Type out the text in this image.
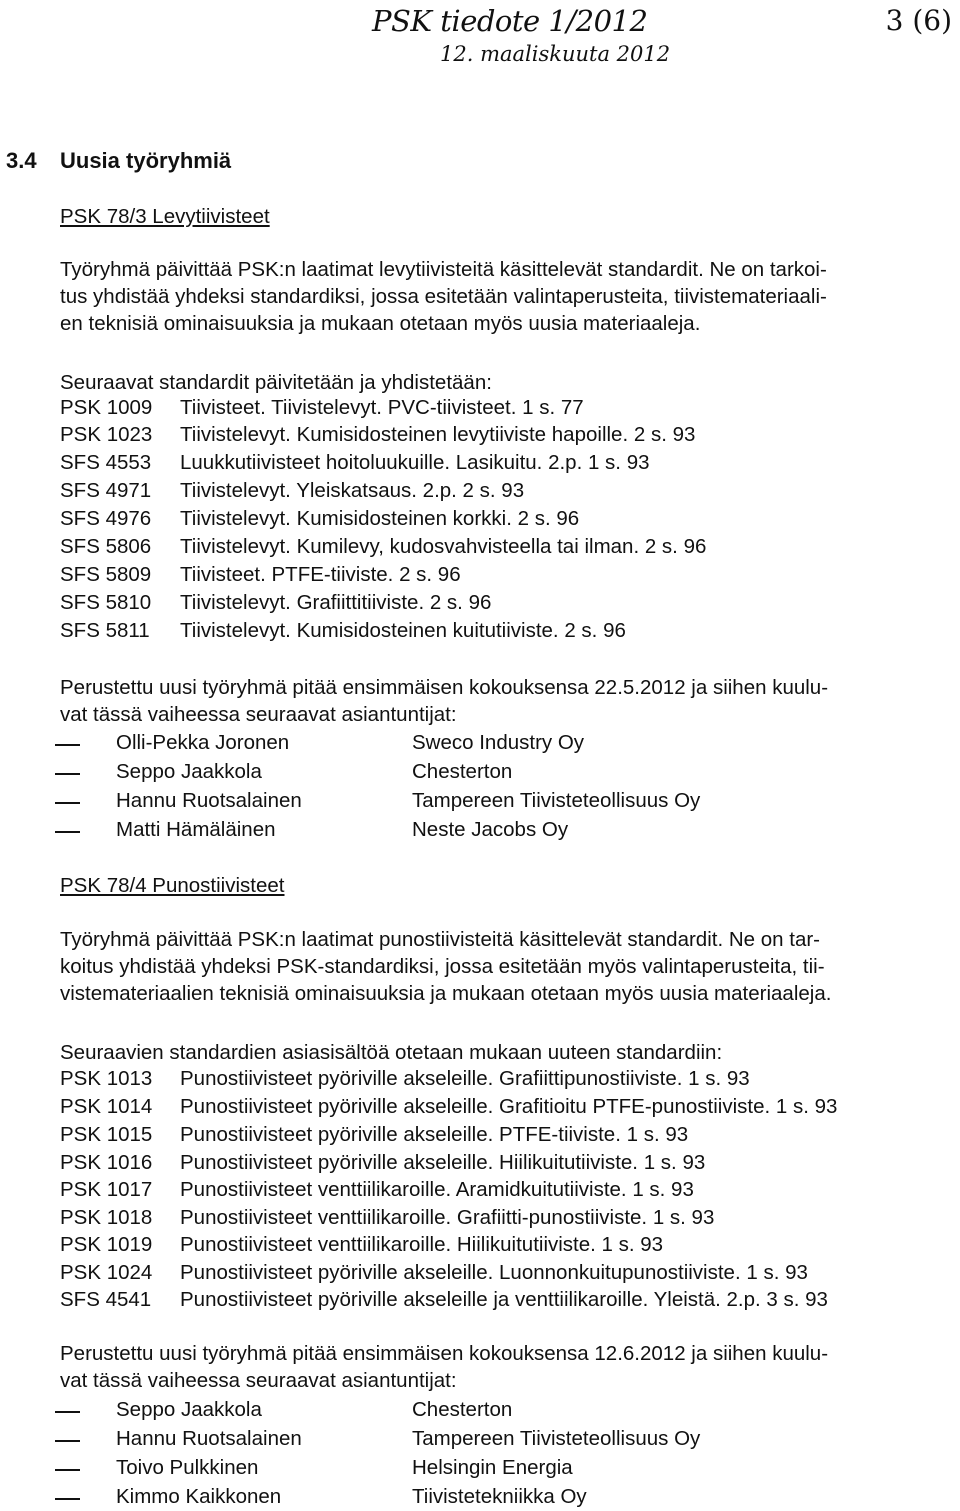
PSK tiedote 1/2012	3 (6)
12. maaliskuuta 2012
3.4 Uusia työryhmiä
PSK 78/3 Levytiivisteet
Työryhmä päivittää PSK:n laatimat levytiivisteitä käsittelevät standardit. Ne on tarkoi-
tus yhdistää yhdeksi standardiksi, jossa esitetään valintaperusteita, tiivistemateriaali-
en teknisiä ominaisuuksia ja mukaan otetaan myös uusia materiaaleja.
Seuraavat standardit päivitetään ja yhdistetään:
PSK 1009 Tiivisteet. Tiivistelevyt. PVC-tiivisteet. 1 s. 77
PSK 1023 Tiivistelevyt. Kumisidosteinen levytiiviste hapoille. 2 s. 93
SFS 4553 Luukkutiivisteet hoitoluukuille. Lasikuitu. 2.p. 1 s. 93
SFS 4971 Tiivistelevyt. Yleiskatsaus. 2.p. 2 s. 93
SFS 4976 Tiivistelevyt. Kumisidosteinen korkki. 2 s. 96
SFS 5806 Tiivistelevyt. Kumilevy, kudosvahvisteella tai ilman. 2 s. 96
SFS 5809 Tiivisteet. PTFE-tiiviste. 2 s. 96
SFS 5810 Tiivistelevyt. Grafiittitiiviste. 2 s. 96
SFS 5811 Tiivistelevyt. Kumisidosteinen kuitutiiviste. 2 s. 96
Perustettu uusi työryhmä pitää ensimmäisen kokouksensa 22.5.2012 ja siihen kuulu-
vat tässä vaiheessa seuraavat asiantuntijat:
Olli-Pekka Joronen	Sweco Industry Oy
Seppo Jaakkola	Chesterton
Hannu Ruotsalainen	Tampereen Tiivisteteollisuus Oy
Matti Hämäläinen	Neste Jacobs Oy
PSK 78/4 Punostiivisteet
Työryhmä päivittää PSK:n laatimat punostiivisteitä käsittelevät standardit. Ne on tar-
koitus yhdistää yhdeksi PSK-standardiksi, jossa esitetään myös valintaperusteita, tii-
vistemateriaalien teknisiä ominaisuuksia ja mukaan otetaan myös uusia materiaaleja.
Seuraavien standardien asiasisältöä otetaan mukaan uuteen standardiin:
PSK 1013 Punostiivisteet pyöriville akseleille. Grafiittipunostiiviste. 1 s. 93
PSK 1014 Punostiivisteet pyöriville akseleille. Grafitioitu PTFE-punostiiviste. 1 s. 93
PSK 1015 Punostiivisteet pyöriville akseleille. PTFE-tiiviste. 1 s. 93
PSK 1016 Punostiivisteet pyöriville akseleille. Hiilikuitutiiviste. 1 s. 93
PSK 1017 Punostiivisteet venttiilikaroille. Aramidkuitutiiviste. 1 s. 93
PSK 1018 Punostiivisteet venttiilikaroille. Grafiitti-punostiiviste. 1 s. 93
PSK 1019 Punostiivisteet venttiilikaroille. Hiilikuitutiiviste. 1 s. 93
PSK 1024 Punostiivisteet pyöriville akseleille. Luonnonkuitupunostiiviste. 1 s. 93
SFS 4541 Punostiivisteet pyöriville akseleille ja venttiilikaroille. Yleistä. 2.p. 3 s. 93
Perustettu uusi työryhmä pitää ensimmäisen kokouksensa 12.6.2012 ja siihen kuulu-
vat tässä vaiheessa seuraavat asiantuntijat:
Seppo Jaakkola	Chesterton
Hannu Ruotsalainen	Tampereen Tiivisteteollisuus Oy
Toivo Pulkkinen	Helsingin Energia
Kimmo Kaikkonen	Tiivistetekniikka Oy
